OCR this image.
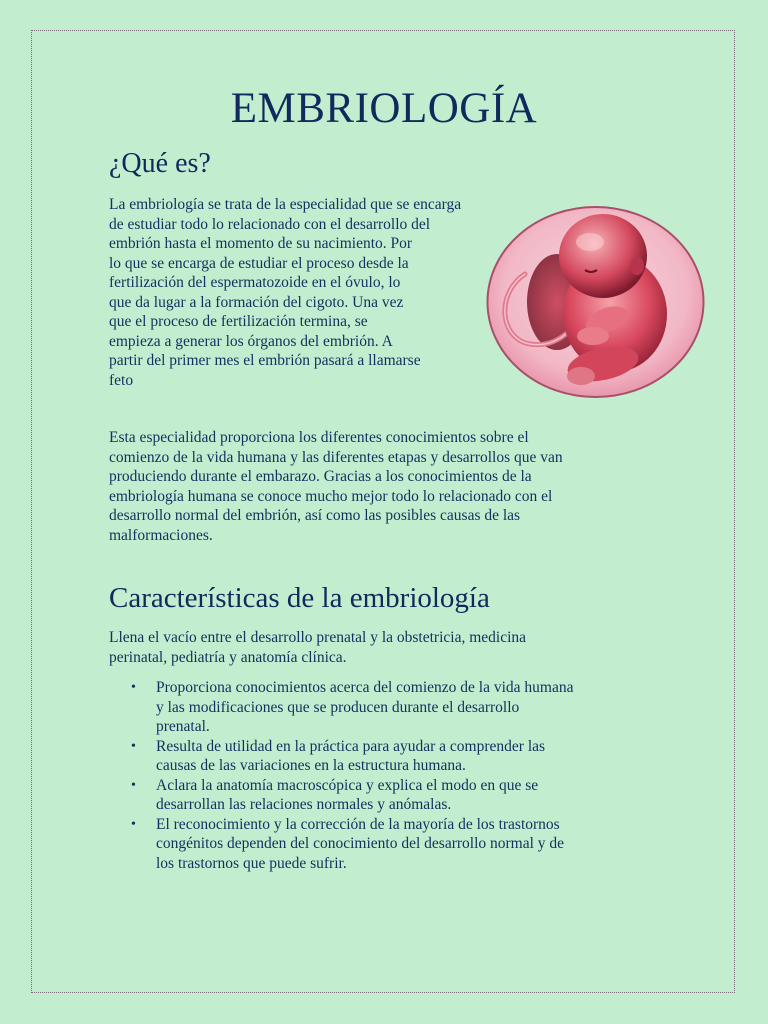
EMBRIOLOGÍA
¿Qué es?

La embriología se trata de la especialidad que se encarga
de estudiar todo lo relacionado con el desarrollo del
embrión hasta el momento de su nacimiento. Por
lo que se encarga de estudiar el proceso desde la
fertilización del espermatozoide en el óvulo, lo
que da lugar a la formación del cigoto. Una vez
que el proceso de fertilización termina, se
empieza a generar los órganos del embrión. A
partir del primer mes el embrión pasará a llamarse
feto

Esta especialidad proporciona los diferentes conocimientos sobre el
comienzo de la vida humana y las diferentes etapas y desarrollos que van
produciendo durante el embarazo. Gracias a los conocimientos de la
embriología humana se conoce mucho mejor todo lo relacionado con el
desarrollo normal del embrión, así como las posibles causas de las
malformaciones.

Características de la embriología

Llena el vacío entre el desarrollo prenatal y la obstetricia, medicina
perinatal, pediatría y anatomía clínica.

• Proporciona conocimientos acerca del comienzo de la vida humana
y las modificaciones que se producen durante el desarrollo
prenatal.
• Resulta de utilidad en la práctica para ayudar a comprender las
causas de las variaciones en la estructura humana.
• Aclara la anatomía macroscópica y explica el modo en que se
desarrollan las relaciones normales y anómalas.
• El reconocimiento y la corrección de la mayoría de los trastornos
congénitos dependen del conocimiento del desarrollo normal y de
los trastornos que puede sufrir.
